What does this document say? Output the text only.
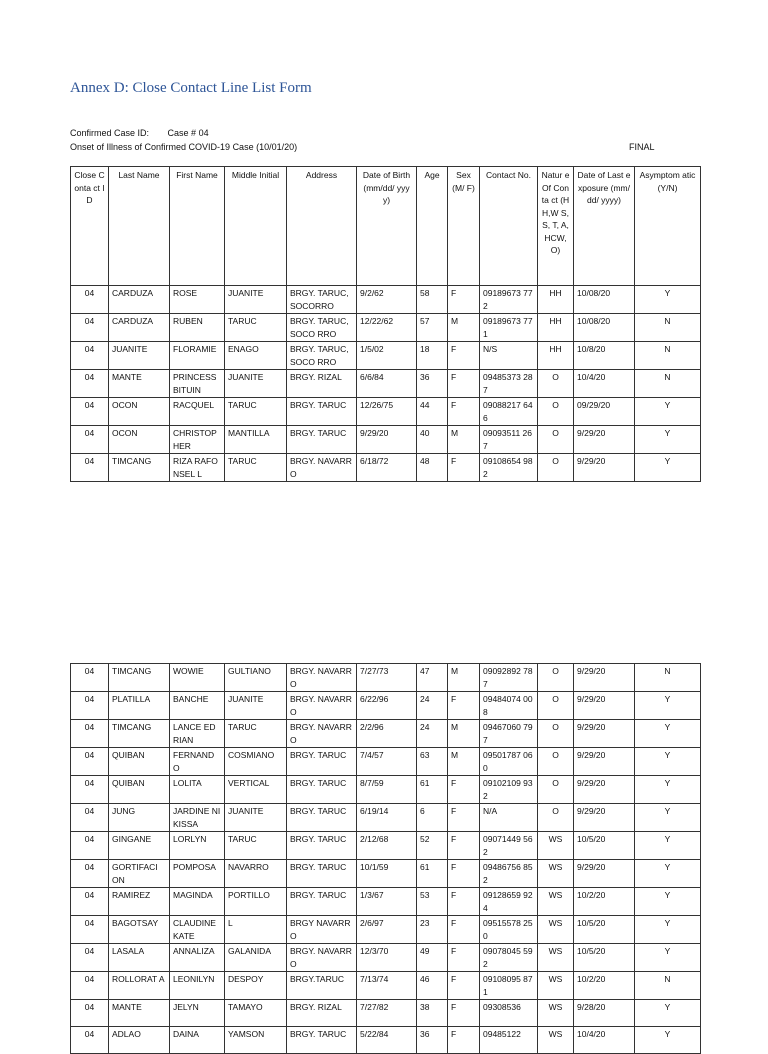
Annex D: Close Contact Line List Form
Confirmed Case ID: Case # 04
Onset of Illness of Confirmed COVID-19 Case (10/01/20)	FINAL
Close Conta ct ID	Last Name	First Name	Middle Initial	Address	Date of Birth (mm/dd/ yyyy)	Age	Sex (M/ F)	Contact No.	Natur e Of Conta ct (HH,W S, S, T, A, HCW, O)	Date of Last exposure (mm/dd/ yyyy)	Asymptom atic (Y/N)
04	CARDUZA	ROSE	JUANITE	BRGY. TARUC, SOCORRO	9/2/62	58	F	09189673 772	HH	10/08/20	Y
04	CARDUZA	RUBEN	TARUC	BRGY. TARUC,SOCO RRO	12/22/62	57	M	09189673 771	HH	10/08/20	N
04	JUANITE	FLORAMIE	ENAGO	BRGY. TARUC,SOCO RRO	1/5/02	18	F	N/S	HH	10/8/20	N
04	MANTE	PRINCESS BITUIN	JUANITE	BRGY. RIZAL	6/6/84	36	F	09485373 287	O	10/4/20	N
04	OCON	RACQUEL	TARUC	BRGY. TARUC	12/26/75	44	F	09088217 646	O	09/29/20	Y
04	OCON	CHRISTOP HER	MANTILLA	BRGY. TARUC	9/29/20	40	M	09093511 267	O	9/29/20	Y
04	TIMCANG	RIZA RAFONSEL L	TARUC	BRGY. NAVARRO	6/18/72	48	F	09108654 982	O	9/29/20	Y
04	TIMCANG	WOWIE	GULTIANO	BRGY. NAVARRO	7/27/73	47	M	09092892 787	O	9/29/20	N
04	PLATILLA	BANCHE	JUANITE	BRGY. NAVARRO	6/22/96	24	F	09484074 008	O	9/29/20	Y
04	TIMCANG	LANCE EDRIAN	TARUC	BRGY. NAVARRO	2/2/96	24	M	09467060 797	O	9/29/20	Y
04	QUIBAN	FERNAND O	COSMIANO	BRGY. TARUC	7/4/57	63	M	09501787 060	O	9/29/20	Y
04	QUIBAN	LOLITA	VERTICAL	BRGY. TARUC	8/7/59	61	F	09102109 932	O	9/29/20	Y
04	JUNG	JARDINE NIKISSA	JUANITE	BRGY. TARUC	6/19/14	6	F	N/A	O	9/29/20	Y
04	GINGANE	LORLYN	TARUC	BRGY. TARUC	2/12/68	52	F	09071449 562	WS	10/5/20	Y
04	GORTIFACI ON	POMPOSA	NAVARRO	BRGY. TARUC	10/1/59	61	F	09486756 852	WS	9/29/20	Y
04	RAMIREZ	MAGINDA	PORTILLO	BRGY. TARUC	1/3/67	53	F	09128659 924	WS	10/2/20	Y
04	BAGOTSAY	CLAUDINE KATE	L	BRGY NAVARRO	2/6/97	23	F	09515578 250	WS	10/5/20	Y
04	LASALA	ANNALIZA	GALANIDA	BRGY. NAVARRO	12/3/70	49	F	09078045 592	WS	10/5/20	Y
04	ROLLORAT A	LEONILYN	DESPOY	BRGY.TARUC	7/13/74	46	F	09108095 871	WS	10/2/20	N
04	MANTE	JELYN	TAMAYO	BRGY. RIZAL	7/27/82	38	F	09308536	WS	9/28/20	Y
04	ADLAO	DAINA	YAMSON	BRGY. TARUC	5/22/84	36	F	09485122	WS	10/4/20	Y
